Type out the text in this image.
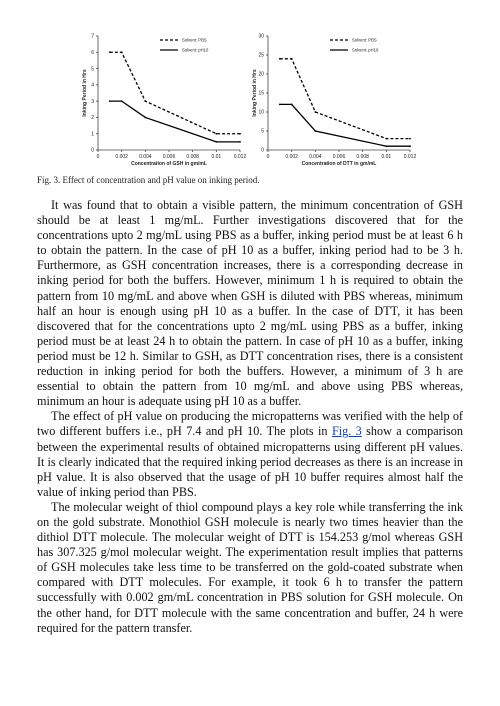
0
1
2
3
4
5
6
7
0	0.002 0.004 0.006 0.008	0.01	0.012
Concentration of GSH in gm/mL
Inking Period in Hrs
Solvent: PBS
Solvent: pH10
0
5
10
15
20
25
30
0	0.002 0.004 0.006 0.008	0.01	0.012
Concentration of DTT in gm/mL
Inking Period in Hrs
Solvent: PBS
Solvent: pH10
Fig. 3. Effect of concentration and pH value on inking period.

It was found that to obtain a visible pattern, the minimum concentration of GSH should be at least 1 mg/mL. Further investigations discovered that for the concentrations upto 2 mg/mL using PBS as a buffer, inking period must be at least 6 h to obtain the pattern. In the case of pH 10 as a buffer, inking period had to be 3 h. Furthermore, as GSH concentration increases, there is a corresponding decrease in inking period for both the buffers. However, minimum 1 h is required to obtain the pattern from 10 mg/mL and above when GSH is diluted with PBS whereas, minimum half an hour is enough using pH 10 as a buffer. In the case of DTT, it has been discovered that for the concentrations upto 2 mg/mL using PBS as a buffer, inking period must be at least 24 h to obtain the pattern. In case of pH 10 as a buffer, inking period must be 12 h. Similar to GSH, as DTT concentration rises, there is a consistent reduction in inking period for both the buffers. However, a minimum of 3 h are essential to obtain the pattern from 10 mg/mL and above using PBS whereas, minimum an hour is adequate using pH 10 as a buffer.

The effect of pH value on producing the micropatterns was verified with the help of two different buffers i.e., pH 7.4 and pH 10. The plots in Fig. 3 show a comparison between the experimental results of obtained micropatterns using different pH values. It is clearly indicated that the required inking period decreases as there is an increase in pH value. It is also observed that the usage of pH 10 buffer requires almost half the value of inking period than PBS.

The molecular weight of thiol compound plays a key role while transferring the ink on the gold substrate. Monothiol GSH molecule is nearly two times heavier than the dithiol DTT molecule. The molecular weight of DTT is 154.253 g/mol whereas GSH has 307.325 g/mol molecular weight. The experimentation result implies that patterns of GSH molecules take less time to be transferred on the gold-coated substrate when compared with DTT molecules. For example, it took 6 h to transfer the pattern successfully with 0.002 gm/mL concentration in PBS solution for GSH molecule. On the other hand, for DTT molecule with the same concentration and buffer, 24 h were required for the pattern transfer.
